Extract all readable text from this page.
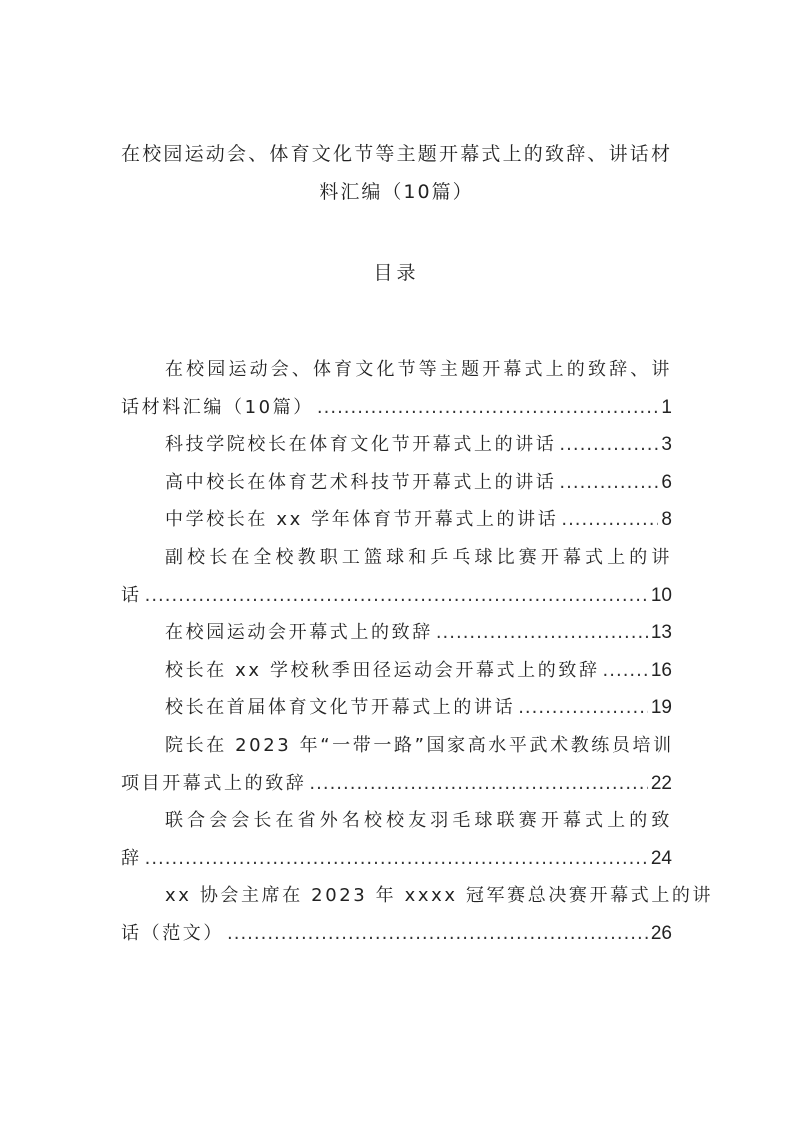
在校园运动会、体育文化节等主题开幕式上的致辞、讲话材
料汇编（10篇）
目录
在校园运动会、体育文化节等主题开幕式上的致辞、讲
话材料汇编（10篇） .....	1
科技学院校长在体育文化节开幕式上的讲话 .....	3
高中校长在体育艺术科技节开幕式上的讲话 .....	6
中学校长在 xx 学年体育节开幕式上的讲话 .....	8
副校长在全校教职工篮球和乒乓球比赛开幕式上的讲
话 .....	10
在校园运动会开幕式上的致辞 .....	13
校长在 xx 学校秋季田径运动会开幕式上的致辞 .....	16
校长在首届体育文化节开幕式上的讲话 .....	19
院长在 2023 年“一带一路”国家高水平武术教练员培训
项目开幕式上的致辞 .....	22
联合会会长在省外名校校友羽毛球联赛开幕式上的致
辞 .....	24
xx 协会主席在 2023 年 xxxx 冠军赛总决赛开幕式上的讲
话（范文） .....	26
